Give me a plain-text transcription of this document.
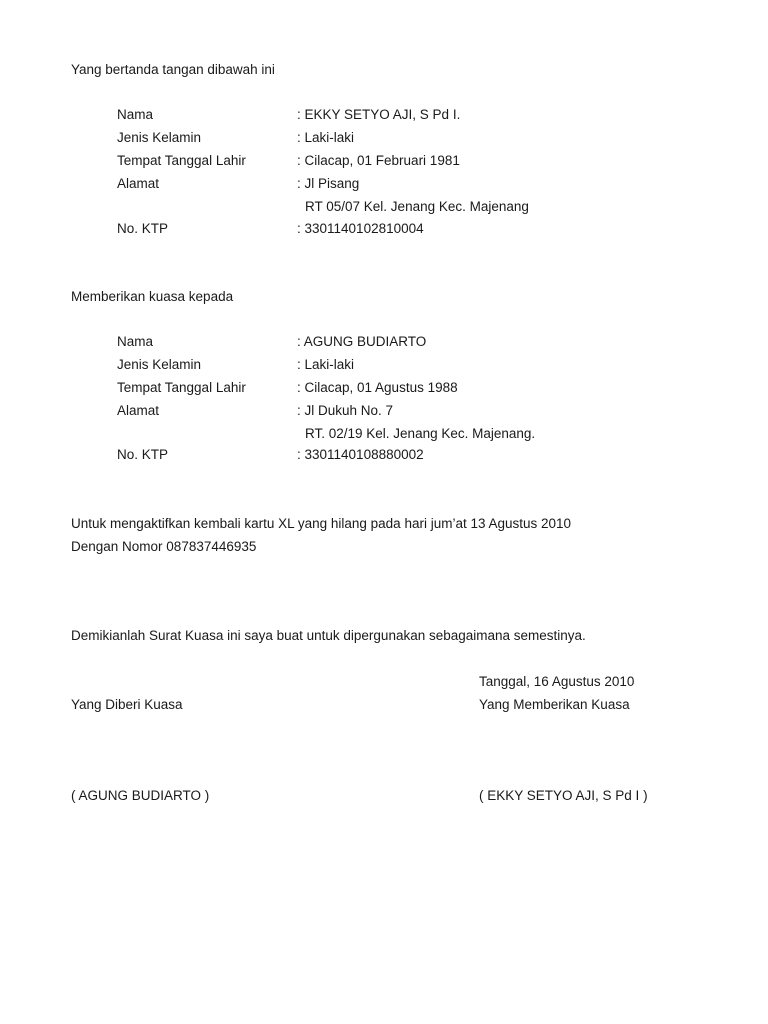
Yang bertanda tangan dibawah ini
Nama	: EKKY SETYO AJI, S Pd I.
Jenis Kelamin	: Laki-laki
Tempat Tanggal Lahir	: Cilacap, 01 Februari 1981
Alamat	: Jl Pisang
RT 05/07 Kel. Jenang Kec. Majenang
No. KTP	: 3301140102810004
Memberikan kuasa kepada
Nama	: AGUNG BUDIARTO
Jenis Kelamin	: Laki-laki
Tempat Tanggal Lahir	: Cilacap, 01 Agustus 1988
Alamat	: Jl Dukuh No. 7
RT. 02/19 Kel. Jenang Kec. Majenang.
No. KTP	: 3301140108880002
Untuk mengaktifkan kembali kartu XL yang hilang pada hari jum’at 13 Agustus 2010
Dengan Nomor 087837446935
Demikianlah Surat Kuasa ini saya buat untuk dipergunakan sebagaimana semestinya.
Tanggal, 16 Agustus 2010
Yang Diberi Kuasa	Yang Memberikan Kuasa
( AGUNG BUDIARTO )	( EKKY SETYO AJI, S Pd I )
